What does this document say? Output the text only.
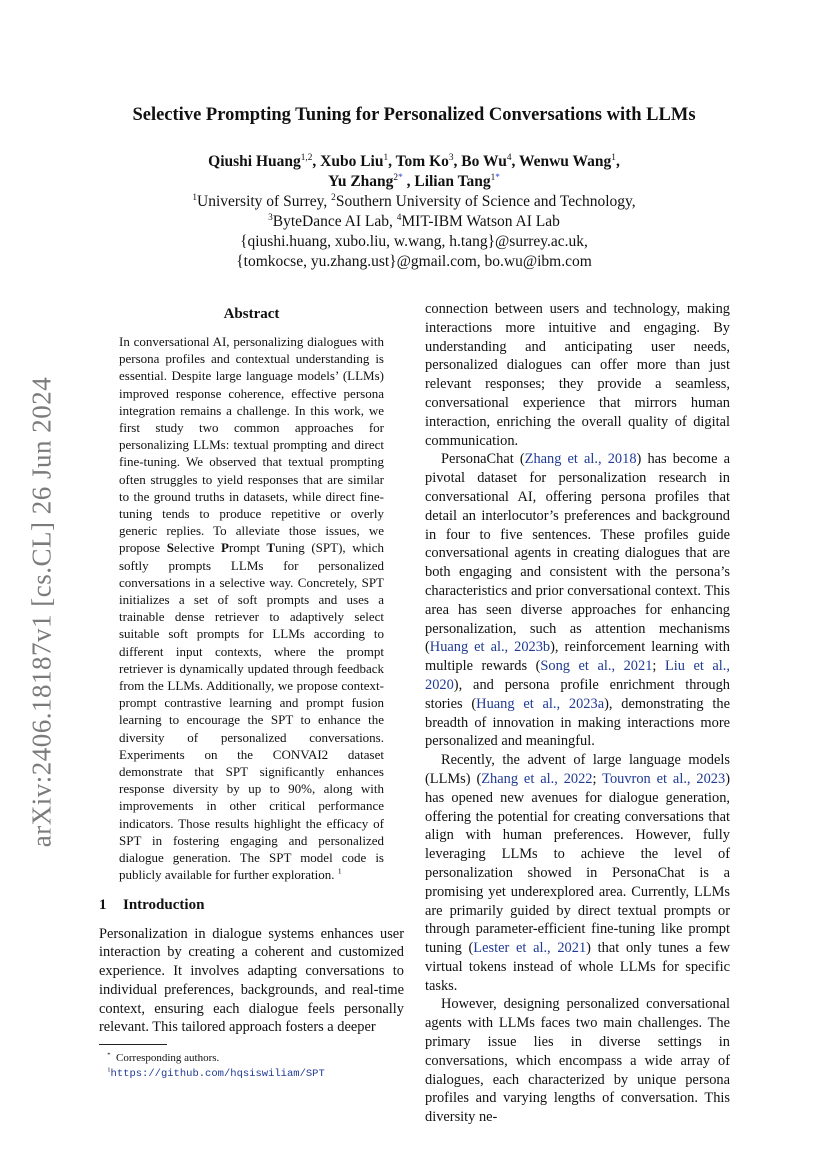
arXiv:2406.18187v1 [cs.CL] 26 Jun 2024
Selective Prompting Tuning for Personalized Conversations with LLMs
Qiushi Huang$^{1,2}$, Xubo Liu$^1$, Tom Ko$^3$, Bo Wu$^4$, Wenwu Wang$^1$,
Yu Zhang$^{2*}$ , Lilian Tang$^{1*}$
$^1$University of Surrey, $^2$Southern University of Science and Technology,
$^3$ByteDance AI Lab, $^4$MIT-IBM Watson AI Lab
{qiushi.huang, xubo.liu, w.wang, h.tang}@surrey.ac.uk,
{tomkocse, yu.zhang.ust}@gmail.com, bo.wu@ibm.com
Abstract
In conversational AI, personalizing dialogues with persona profiles and contextual understanding is essential. Despite large language models’ (LLMs) improved response coherence, effective persona integration remains a challenge. In this work, we first study two common approaches for personalizing LLMs: textual prompting and direct fine-tuning. We observed that textual prompting often struggles to yield responses that are similar to the ground truths in datasets, while direct fine-tuning tends to produce repetitive or overly generic replies. To alleviate those issues, we propose Selective Prompt Tuning (SPT), which softly prompts LLMs for personalized conversations in a selective way. Concretely, SPT initializes a set of soft prompts and uses a trainable dense retriever to adaptively select suitable soft prompts for LLMs according to different input contexts, where the prompt retriever is dynamically updated through feedback from the LLMs. Additionally, we propose context-prompt contrastive learning and prompt fusion learning to encourage the SPT to enhance the diversity of personalized conversations. Experiments on the CONVAI2 dataset demonstrate that SPT significantly enhances response diversity by up to 90%, along with improvements in other critical performance indicators. Those results highlight the efficacy of SPT in fostering engaging and personalized dialogue generation. The SPT model code is publicly available for further exploration. $^1$
1 Introduction

Personalization in dialogue systems enhances user interaction by creating a coherent and customized experience. It involves adapting conversations to individual preferences, backgrounds, and real-time context, ensuring each dialogue feels personally relevant. This tailored approach fosters a deeper

connection between users and technology, making interactions more intuitive and engaging. By understanding and anticipating user needs, personalized dialogues can offer more than just relevant responses; they provide a seamless, conversational experience that mirrors human interaction, enriching the overall quality of digital communication.

PersonaChat (Zhang et al., 2018) has become a pivotal dataset for personalization research in conversational AI, offering persona profiles that detail an interlocutor’s preferences and background in four to five sentences. These profiles guide conversational agents in creating dialogues that are both engaging and consistent with the persona’s characteristics and prior conversational context. This area has seen diverse approaches for enhancing personalization, such as attention mechanisms (Huang et al., 2023b), reinforcement learning with multiple rewards (Song et al., 2021; Liu et al., 2020), and persona profile enrichment through stories (Huang et al., 2023a), demonstrating the breadth of innovation in making interactions more personalized and meaningful.

Recently, the advent of large language models (LLMs) (Zhang et al., 2022; Touvron et al., 2023) has opened new avenues for dialogue generation, offering the potential for creating conversations that align with human preferences. However, fully leveraging LLMs to achieve the level of personalization showed in PersonaChat is a promising yet underexplored area. Currently, LLMs are primarily guided by direct textual prompts or through parameter-efficient fine-tuning like prompt tuning (Lester et al., 2021) that only tunes a few virtual tokens instead of whole LLMs for specific tasks.

However, designing personalized conversational agents with LLMs faces two main challenges. The primary issue lies in diverse settings in conversations, which encompass a wide array of dialogues, each characterized by unique persona profiles and varying lengths of conversation. This diversity ne-

* Corresponding authors.
$^1$https://github.com/hqsiswiliam/SPT
